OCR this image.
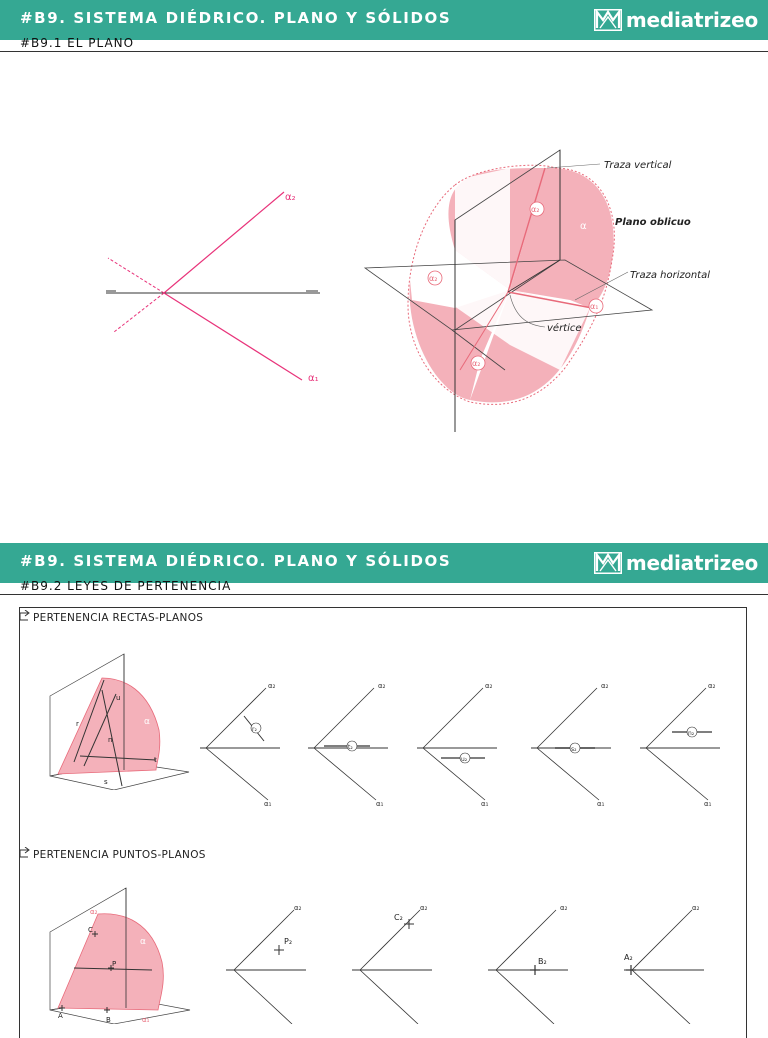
#B9. SISTEMA DIÉDRICO. PLANO Y SÓLIDOS	mediatrizeo
#B9.1 EL PLANO
α₂
α₁
α₂
α
α₂
α₁
α₂
Traza vertical
Plano oblicuo
Traza horizontal
vértice
#B9. SISTEMA DIÉDRICO. PLANO Y SÓLIDOS	mediatrizeo
#B9.2 LEYES DE PERTENENCIA
PERTENENCIA RECTAS-PLANOS
r
u
n
t
s
α
r₂
α₂
α₁
t₂
α₂
α₁
u₂
α₂
α₁
s₂
α₂
α₁
n₂
α₂
α₁
PERTENENCIA PUNTOS-PLANOS
C
P
A	B
α₂
α₁
α	P₂
α₂
C₂
α₂
B₂
α₂
A₂
α₂
